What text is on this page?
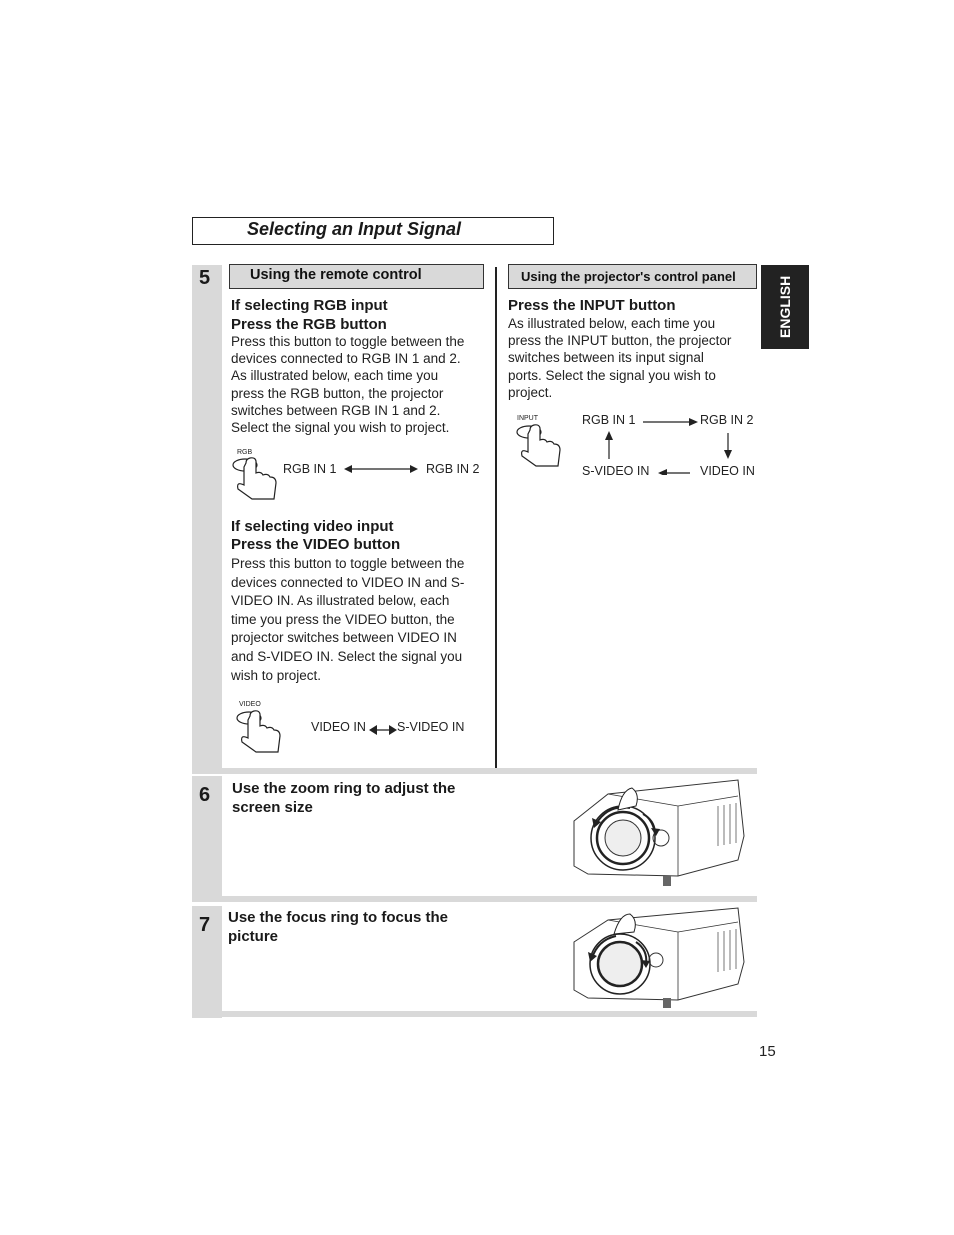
Selecting an Input Signal
ENGLISH
5	Using the remote control	Using the projector's control panel
If selecting RGB input
Press the RGB button
Press this button to toggle between the
devices connected to RGB IN 1 and 2.
As illustrated below, each time you
press the RGB button, the projector
switches between RGB IN 1 and 2.
Select the signal you wish to project.
RGB
RGB IN 1	RGB IN 2
If selecting video input
Press the VIDEO button
Press this button to toggle between the
devices connected to VIDEO IN and S-
VIDEO IN. As illustrated below, each
time you press the VIDEO button, the
projector switches between VIDEO IN
and S-VIDEO IN. Select the signal you
wish to project.
VIDEO
VIDEO IN S-VIDEO IN
Press the INPUT button
As illustrated below, each time you
press the INPUT button, the projector
switches between its input signal
ports. Select the signal you wish to
project.
INPUT	RGB IN 1	RGB IN 2
S-VIDEO IN	VIDEO IN
6 Use the zoom ring to adjust the
screen size
7 Use the focus ring to focus the
picture
15
